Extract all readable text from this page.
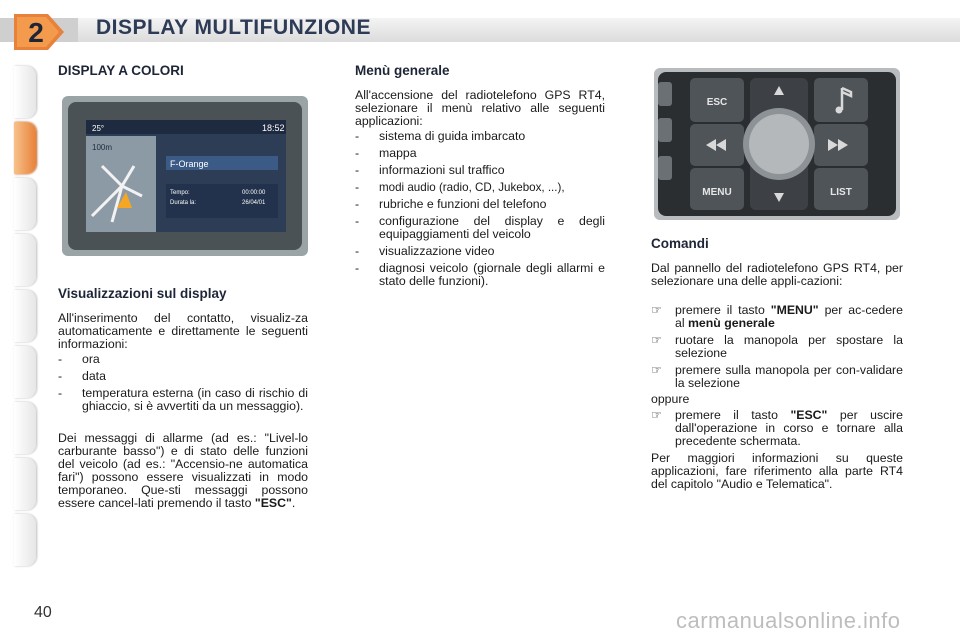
2 DISPLAY MULTIFUNZIONE
DISPLAY A COLORI
25°	18:52
100m
F-Orange
Tempo:	00:00:00
Durata la:	26/04/01
Visualizzazioni sul display

All'inserimento del contatto, visualiz-za automaticamente e direttamente le seguenti informazioni:

-	ora
-	data
-	temperatura esterna (in caso di rischio di ghiaccio, si è avvertiti da un messaggio).

Dei messaggi di allarme (ad es.: "Livel-lo carburante basso") e di stato delle funzioni del veicolo (ad es.: "Accensio-ne automatica fari") possono essere visualizzati in modo temporaneo. Que-sti messaggi possono essere cancel-lati premendo il tasto "ESC".

Menù generale

All'accensione del radiotelefono GPS RT4, selezionare il menù relativo alle seguenti applicazioni:

-	sistema di guida imbarcato
-	mappa
-	informazioni sul traffico
-	modi audio (radio, CD, Jukebox, ...),
-	rubriche e funzioni del telefono
-	configurazione del display e degli equipaggiamenti del veicolo
-	visualizzazione video
-	diagnosi veicolo (giornale degli allarmi e stato delle funzioni).
ESC
MENU	LIST
Comandi

Dal pannello del radiotelefono GPS RT4, per selezionare una delle appli-cazioni:

☞	premere il tasto "MENU" per ac-cedere al menù generale
☞	ruotare la manopola per spostare la selezione
☞	premere sulla manopola per con-validare la selezione

oppure

☞	premere il tasto "ESC" per uscire dall'operazione in corso e tornare alla precedente schermata.

Per maggiori informazioni su queste applicazioni, fare riferimento alla parte RT4 del capitolo "Audio e Telematica".

40	carmanualsonline.info
